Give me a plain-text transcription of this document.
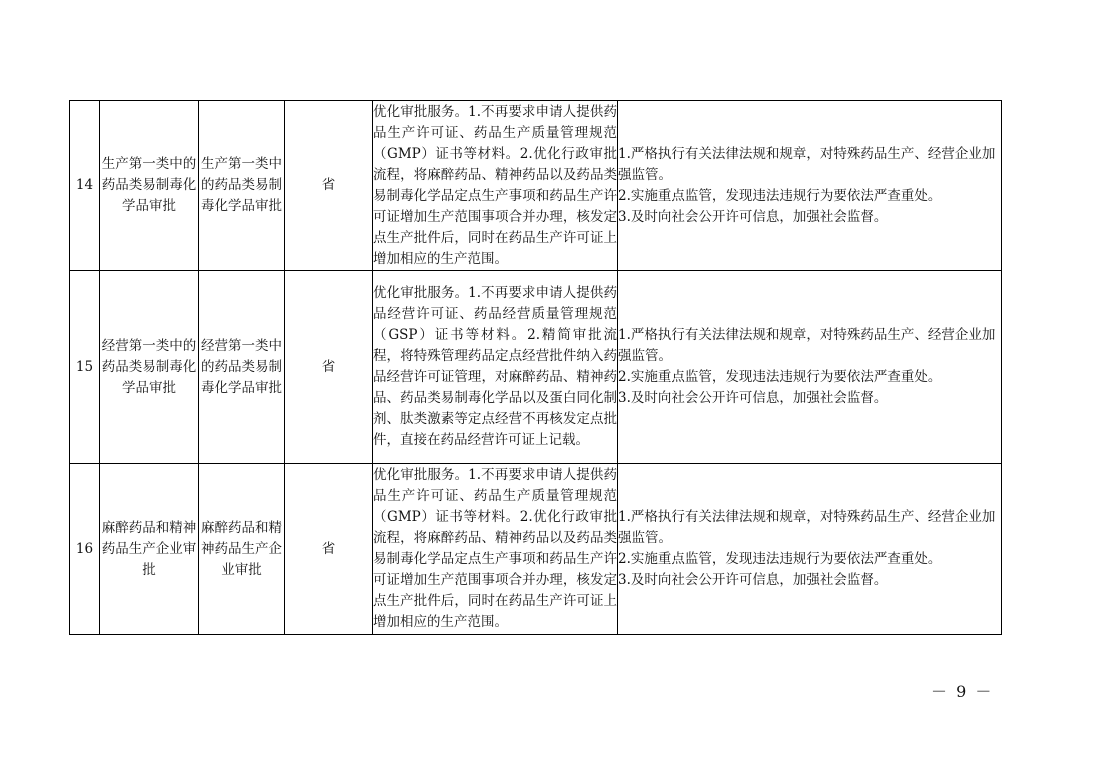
14	生产第一类中的药品类易制毒化学品审批	生产第一类中的药品类易制毒化学品审批	省	优化审批服务。1.不再要求申请人提供药品生产许可证、药品生产质量管理规范（GMP）证书等材料。2.优化行政审批流程，将麻醉药品、精神药品以及药品类易制毒化学品定点生产事项和药品生产许可证增加生产范围事项合并办理，核发定点生产批件后，同时在药品生产许可证上增加相应的生产范围。	1.严格执行有关法律法规和规章，对特殊药品生产、经营企业加强监管。
2.实施重点监管，发现违法违规行为要依法严查重处。
3.及时向社会公开许可信息，加强社会监督。

15	经营第一类中的药品类易制毒化学品审批	经营第一类中的药品类易制毒化学品审批	省	优化审批服务。1.不再要求申请人提供药品经营许可证、药品经营质量管理规范（GSP）证书等材料。2.精简审批流程，将特殊管理药品定点经营批件纳入药品经营许可证管理，对麻醉药品、精神药品、药品类易制毒化学品以及蛋白同化制剂、肽类激素等定点经营不再核发定点批件，直接在药品经营许可证上记载。	1.严格执行有关法律法规和规章，对特殊药品生产、经营企业加强监管。
2.实施重点监管，发现违法违规行为要依法严查重处。
3.及时向社会公开许可信息，加强社会监督。

16	麻醉药品和精神药品生产企业审批	麻醉药品和精神药品生产企业审批	省	优化审批服务。1.不再要求申请人提供药品生产许可证、药品生产质量管理规范（GMP）证书等材料。2.优化行政审批流程，将麻醉药品、精神药品以及药品类易制毒化学品定点生产事项和药品生产许可证增加生产范围事项合并办理，核发定点生产批件后，同时在药品生产许可证上增加相应的生产范围。	1.严格执行有关法律法规和规章，对特殊药品生产、经营企业加强监管。
2.实施重点监管，发现违法违规行为要依法严查重处。
3.及时向社会公开许可信息，加强社会监督。
－ 9 －
